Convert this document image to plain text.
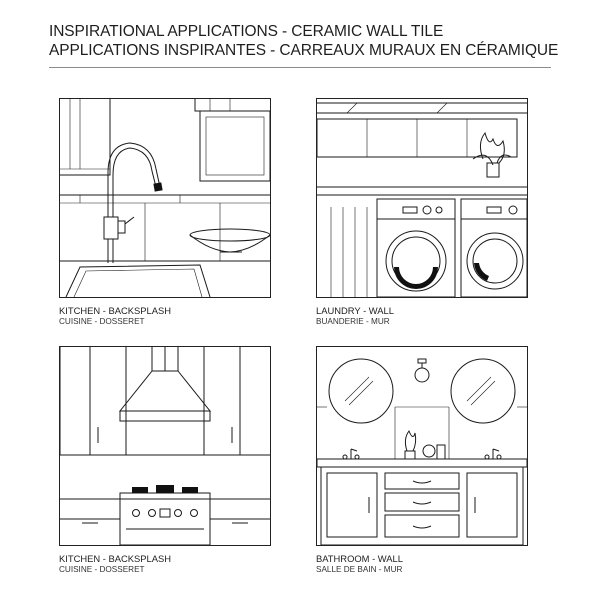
INSPIRATIONAL APPLICATIONS - CERAMIC WALL TILE
APPLICATIONS INSPIRANTES - CARREAUX MURAUX EN CÉRAMIQUE
KITCHEN - BACKSPLASH
CUISINE - DOSSERET
LAUNDRY - WALL
BUANDERIE - MUR
KITCHEN - BACKSPLASH
CUISINE - DOSSERET
BATHROOM - WALL
SALLE DE BAIN - MUR
